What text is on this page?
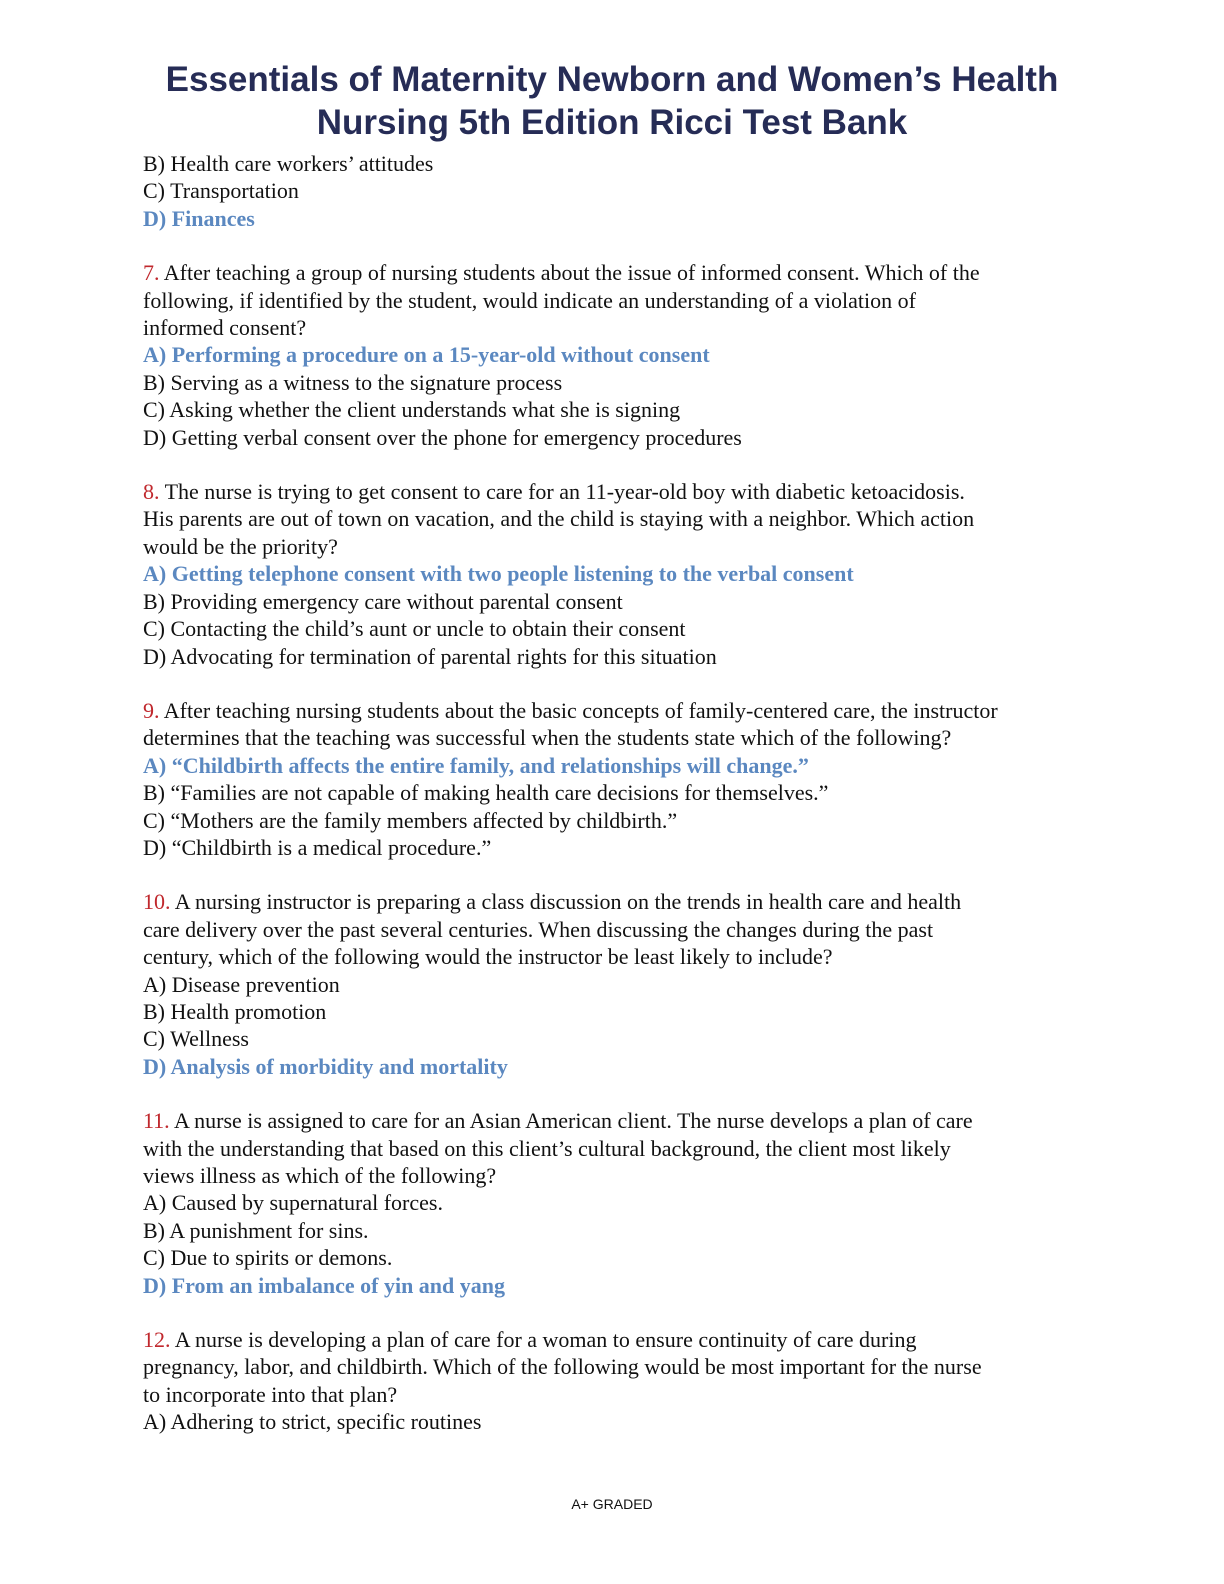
Essentials of Maternity Newborn and Women’s Health
Nursing 5th Edition Ricci Test Bank
B) Health care workers’ attitudes
C) Transportation
D) Finances
7. After teaching a group of nursing students about the issue of informed consent. Which of the
following, if identified by the student, would indicate an understanding of a violation of
informed consent?
A) Performing a procedure on a 15-year-old without consent
B) Serving as a witness to the signature process
C) Asking whether the client understands what she is signing
D) Getting verbal consent over the phone for emergency procedures
8. The nurse is trying to get consent to care for an 11-year-old boy with diabetic ketoacidosis.
His parents are out of town on vacation, and the child is staying with a neighbor. Which action
would be the priority?
A) Getting telephone consent with two people listening to the verbal consent
B) Providing emergency care without parental consent
C) Contacting the child’s aunt or uncle to obtain their consent
D) Advocating for termination of parental rights for this situation
9. After teaching nursing students about the basic concepts of family-centered care, the instructor
determines that the teaching was successful when the students state which of the following?
A) “Childbirth affects the entire family, and relationships will change.”
B) “Families are not capable of making health care decisions for themselves.”
C) “Mothers are the family members affected by childbirth.”
D) “Childbirth is a medical procedure.”
10. A nursing instructor is preparing a class discussion on the trends in health care and health
care delivery over the past several centuries. When discussing the changes during the past
century, which of the following would the instructor be least likely to include?
A) Disease prevention
B) Health promotion
C) Wellness
D) Analysis of morbidity and mortality
11. A nurse is assigned to care for an Asian American client. The nurse develops a plan of care
with the understanding that based on this client’s cultural background, the client most likely
views illness as which of the following?
A) Caused by supernatural forces.
B) A punishment for sins.
C) Due to spirits or demons.
D) From an imbalance of yin and yang
12. A nurse is developing a plan of care for a woman to ensure continuity of care during
pregnancy, labor, and childbirth. Which of the following would be most important for the nurse
to incorporate into that plan?
A) Adhering to strict, specific routines
A+ GRADED
